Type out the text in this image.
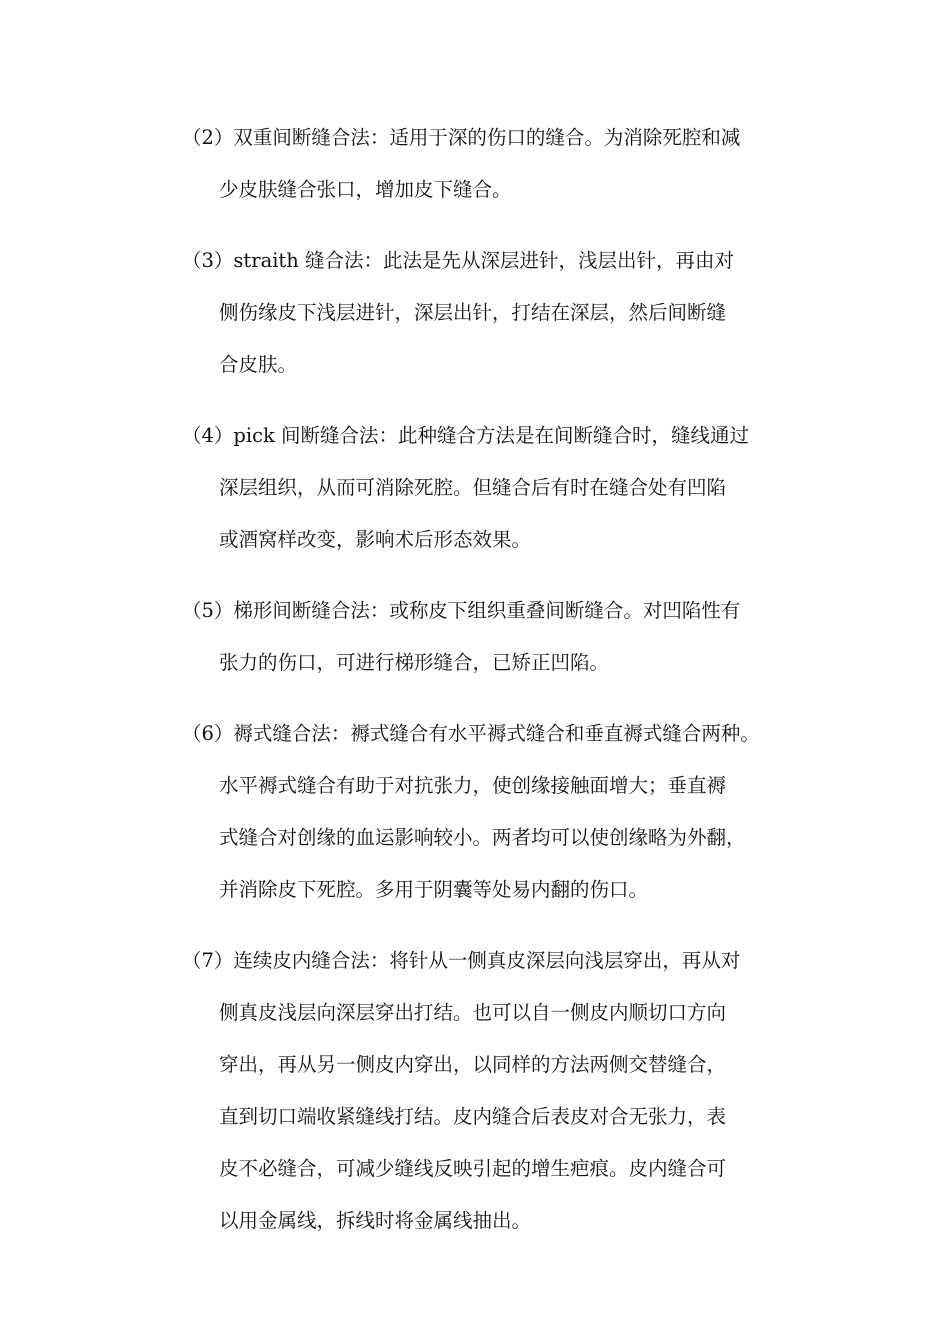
（2）双重间断缝合法：适用于深的伤口的缝合。为消除死腔和减
少皮肤缝合张口，增加皮下缝合。
（3）straith 缝合法：此法是先从深层进针，浅层出针，再由对
侧伤缘皮下浅层进针，深层出针，打结在深层，然后间断缝
合皮肤。
（4）pick 间断缝合法：此种缝合方法是在间断缝合时，缝线通过
深层组织，从而可消除死腔。但缝合后有时在缝合处有凹陷
或酒窝样改变，影响术后形态效果。
（5）梯形间断缝合法：或称皮下组织重叠间断缝合。对凹陷性有
张力的伤口，可进行梯形缝合，已矫正凹陷。
（6）褥式缝合法：褥式缝合有水平褥式缝合和垂直褥式缝合两种。
水平褥式缝合有助于对抗张力，使创缘接触面增大；垂直褥
式缝合对创缘的血运影响较小。两者均可以使创缘略为外翻，
并消除皮下死腔。多用于阴囊等处易内翻的伤口。
（7）连续皮内缝合法：将针从一侧真皮深层向浅层穿出，再从对
侧真皮浅层向深层穿出打结。也可以自一侧皮内顺切口方向
穿出，再从另一侧皮内穿出，以同样的方法两侧交替缝合，
直到切口端收紧缝线打结。皮内缝合后表皮对合无张力，表
皮不必缝合，可减少缝线反映引起的增生疤痕。皮内缝合可
以用金属线，拆线时将金属线抽出。
